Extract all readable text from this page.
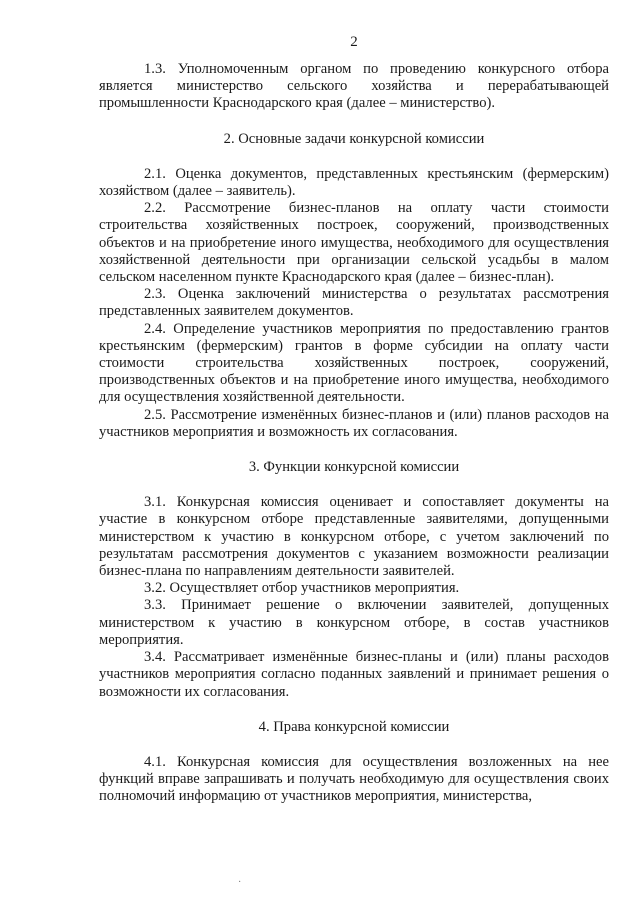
2

1.3. Уполномоченным органом по проведению конкурсного отбора является министерство сельского хозяйства и перерабатывающей промышленности Краснодарского края (далее – министерство).

2. Основные задачи конкурсной комиссии

2.1. Оценка документов, представленных крестьянским (фермерским) хозяйством (далее – заявитель).

2.2. Рассмотрение бизнес-планов на оплату части стоимости строительства хозяйственных построек, сооружений, производственных объектов и на приобретение иного имущества, необходимого для осуществления хозяйственной деятельности при организации сельской усадьбы в малом сельском населенном пункте Краснодарского края (далее – бизнес-план).

2.3. Оценка заключений министерства о результатах рассмотрения представленных заявителем документов.

2.4. Определение участников мероприятия по предоставлению грантов крестьянским (фермерским) грантов в форме субсидии на оплату части стоимости строительства хозяйственных построек, сооружений, производственных объектов и на приобретение иного имущества, необходимого для осуществления хозяйственной деятельности.

2.5. Рассмотрение изменённых бизнес-планов и (или) планов расходов на участников мероприятия и возможность их согласования.

3. Функции конкурсной комиссии

3.1. Конкурсная комиссия оценивает и сопоставляет документы на участие в конкурсном отборе представленные заявителями, допущенными министерством к участию в конкурсном отборе, с учетом заключений по результатам рассмотрения документов с указанием возможности реализации бизнес-плана по направлениям деятельности заявителей.

3.2. Осуществляет отбор участников мероприятия.

3.3. Принимает решение о включении заявителей, допущенных министерством к участию в конкурсном отборе, в состав участников мероприятия.

3.4. Рассматривает изменённые бизнес-планы и (или) планы расходов участников мероприятия согласно поданных заявлений и принимает решения о возможности их согласования.

4. Права конкурсной комиссии

4.1. Конкурсная комиссия для осуществления возложенных на нее функций вправе запрашивать и получать необходимую для осуществления своих полномочий информацию от участников мероприятия, министерства,

·
